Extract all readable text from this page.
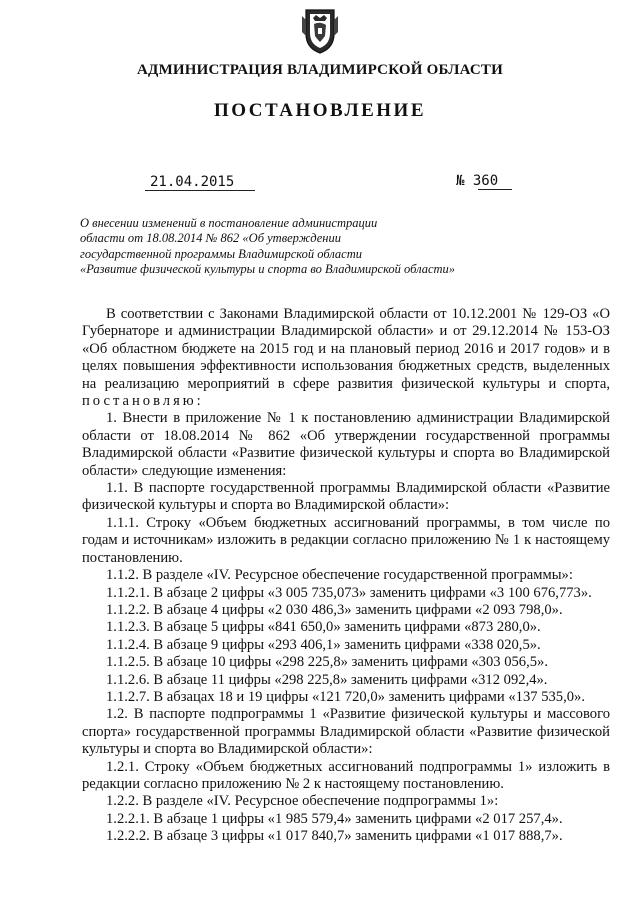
АДМИНИСТРАЦИЯ ВЛАДИМИРСКОЙ ОБЛАСТИ
ПОСТАНОВЛЕНИЕ
21.04.2015	№ 360
О внесении изменений в постановление администрации
области от 18.08.2014 № 862 «Об утверждении
государственной программы Владимирской области
«Развитие физической культуры и спорта во Владимирской области»

В соответствии с Законами Владимирской области от 10.12.2001 № 129-ОЗ «О Губернаторе и администрации Владимирской области» и от 29.12.2014 № 153-ОЗ «Об областном бюджете на 2015 год и на плановый период 2016 и 2017 годов» и в целях повышения эффективности использования бюджетных средств, выделенных на реализацию мероприятий в сфере развития физической культуры и спорта, постановляю:

1. Внести в приложение № 1 к постановлению администрации Владимирской области от 18.08.2014 № 862 «Об утверждении государственной программы Владимирской области «Развитие физической культуры и спорта во Владимирской области» следующие изменения:

1.1. В паспорте государственной программы Владимирской области «Развитие физической культуры и спорта во Владимирской области»:

1.1.1. Строку «Объем бюджетных ассигнований программы, в том числе по годам и источникам» изложить в редакции согласно приложению № 1 к настоящему постановлению.

1.1.2. В разделе «IV. Ресурсное обеспечение государственной программы»:

1.1.2.1. В абзаце 2 цифры «3 005 735,073» заменить цифрами «3 100 676,773».

1.1.2.2. В абзаце 4 цифры «2 030 486,3» заменить цифрами «2 093 798,0».

1.1.2.3. В абзаце 5 цифры «841 650,0» заменить цифрами «873 280,0».

1.1.2.4. В абзаце 9 цифры «293 406,1» заменить цифрами «338 020,5».

1.1.2.5. В абзаце 10 цифры «298 225,8» заменить цифрами «303 056,5».

1.1.2.6. В абзаце 11 цифры «298 225,8» заменить цифрами «312 092,4».

1.1.2.7. В абзацах 18 и 19 цифры «121 720,0» заменить цифрами «137 535,0».

1.2. В паспорте подпрограммы 1 «Развитие физической культуры и массового спорта» государственной программы Владимирской области «Развитие физической культуры и спорта во Владимирской области»:

1.2.1. Строку «Объем бюджетных ассигнований подпрограммы 1» изложить в редакции согласно приложению № 2 к настоящему постановлению.

1.2.2. В разделе «IV. Ресурсное обеспечение подпрограммы 1»:

1.2.2.1. В абзаце 1 цифры «1 985 579,4» заменить цифрами «2 017 257,4».

1.2.2.2. В абзаце 3 цифры «1 017 840,7» заменить цифрами «1 017 888,7».
